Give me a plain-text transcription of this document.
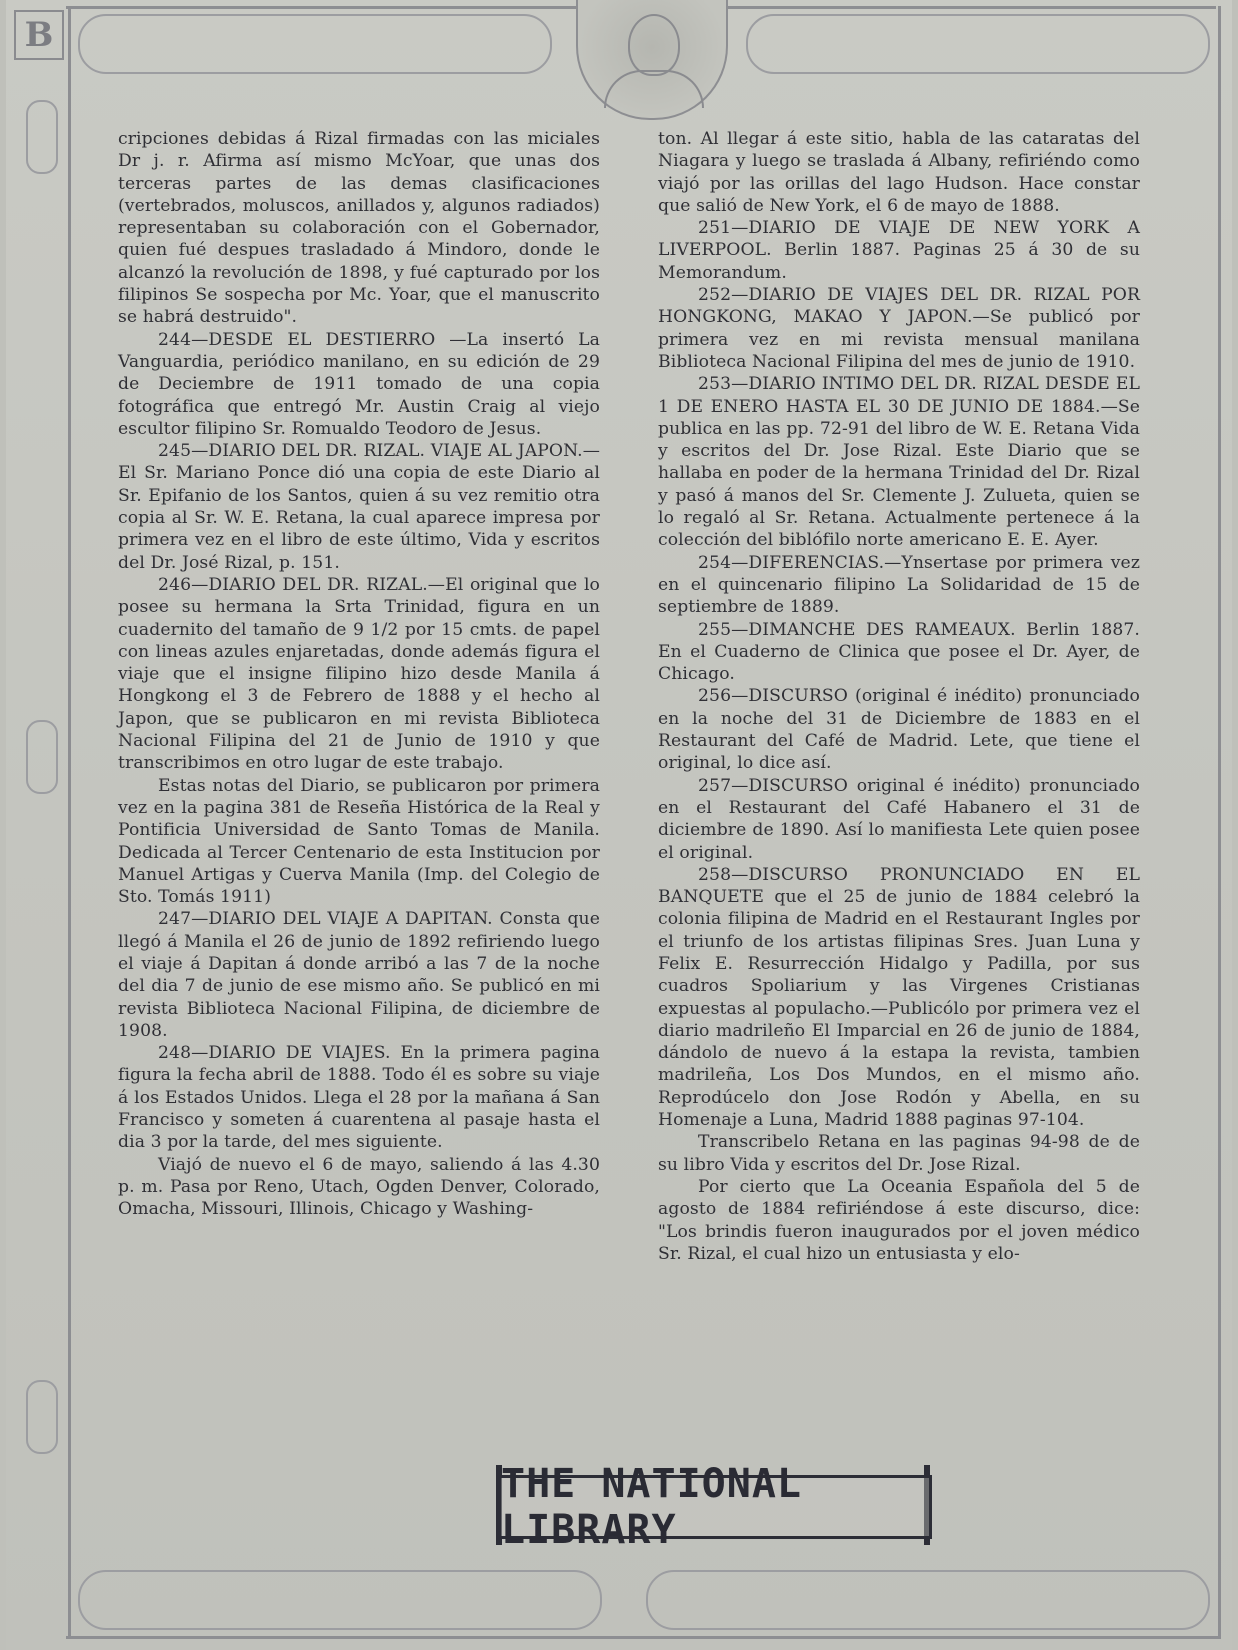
B

cripciones debidas á Rizal firmadas con las miciales Dr j. r. Afirma así mismo McYoar, que unas dos terceras partes de las demas clasificaciones (vertebrados, moluscos, anillados y, algunos radiados) representaban su colaboración con el Gobernador, quien fué despues trasladado á Mindoro, donde le alcanzó la revolución de 1898, y fué capturado por los filipinos Se sospecha por Mc. Yoar, que el manuscrito se habrá destruido".

244—DESDE EL DESTIERRO —La insertó La Vanguardia, periódico manilano, en su edición de 29 de Deciembre de 1911 tomado de una copia fotográfica que entregó Mr. Austin Craig al viejo escultor filipino Sr. Romualdo Teodoro de Jesus.

245—DIARIO DEL DR. RIZAL. VIAJE AL JAPON.—El Sr. Mariano Ponce dió una copia de este Diario al Sr. Epifanio de los Santos, quien á su vez remitio otra copia al Sr. W. E. Retana, la cual aparece impresa por primera vez en el libro de este último, Vida y escritos del Dr. José Rizal, p. 151.

246—DIARIO DEL DR. RIZAL.—El original que lo posee su hermana la Srta Trinidad, figura en un cuadernito del tamaño de 9 1/2 por 15 cmts. de papel con lineas azules enjaretadas, donde además figura el viaje que el insigne filipino hizo desde Manila á Hongkong el 3 de Febrero de 1888 y el hecho al Japon, que se publicaron en mi revista Biblioteca Nacional Filipina del 21 de Junio de 1910 y que transcribimos en otro lugar de este trabajo.

Estas notas del Diario, se publicaron por primera vez en la pagina 381 de Reseña Histórica de la Real y Pontificia Universidad de Santo Tomas de Manila. Dedicada al Tercer Centenario de esta Institucion por Manuel Artigas y Cuerva Manila (Imp. del Colegio de Sto. Tomás 1911)

247—DIARIO DEL VIAJE A DAPITAN. Consta que llegó á Manila el 26 de junio de 1892 refiriendo luego el viaje á Dapitan á donde arribó a las 7 de la noche del dia 7 de junio de ese mismo año. Se publicó en mi revista Biblioteca Nacional Filipina, de diciembre de 1908.

248—DIARIO DE VIAJES. En la primera pagina figura la fecha abril de 1888. Todo él es sobre su viaje á los Estados Unidos. Llega el 28 por la mañana á San Francisco y someten á cuarentena al pasaje hasta el dia 3 por la tarde, del mes siguiente.

Viajó de nuevo el 6 de mayo, saliendo á las 4.30 p. m. Pasa por Reno, Utach, Ogden Denver, Colorado, Omacha, Missouri, Illinois, Chicago y Washing-

ton. Al llegar á este sitio, habla de las cataratas del Niagara y luego se traslada á Albany, refiriéndo como viajó por las orillas del lago Hudson. Hace constar que salió de New York, el 6 de mayo de 1888.

251—DIARIO DE VIAJE DE NEW YORK A LIVERPOOL. Berlin 1887. Paginas 25 á 30 de su Memorandum.

252—DIARIO DE VIAJES DEL DR. RIZAL POR HONGKONG, MAKAO Y JAPON.—Se publicó por primera vez en mi revista mensual manilana Biblioteca Nacional Filipina del mes de junio de 1910.

253—DIARIO INTIMO DEL DR. RIZAL DESDE EL 1 DE ENERO HASTA EL 30 DE JUNIO DE 1884.—Se publica en las pp. 72-91 del libro de W. E. Retana Vida y escritos del Dr. Jose Rizal. Este Diario que se hallaba en poder de la hermana Trinidad del Dr. Rizal y pasó á manos del Sr. Clemente J. Zulueta, quien se lo regaló al Sr. Retana. Actualmente pertenece á la colección del biblófilo norte americano E. E. Ayer.

254—DIFERENCIAS.—Ynsertase por primera vez en el quincenario filipino La Solidaridad de 15 de septiembre de 1889.

255—DIMANCHE DES RAMEAUX. Berlin 1887. En el Cuaderno de Clinica que posee el Dr. Ayer, de Chicago.

256—DISCURSO (original é inédito) pronunciado en la noche del 31 de Diciembre de 1883 en el Restaurant del Café de Madrid. Lete, que tiene el original, lo dice así.

257—DISCURSO original é inédito) pronunciado en el Restaurant del Café Habanero el 31 de diciembre de 1890. Así lo manifiesta Lete quien posee el original.

258—DISCURSO PRONUNCIADO EN EL BANQUETE que el 25 de junio de 1884 celebró la colonia filipina de Madrid en el Restaurant Ingles por el triunfo de los artistas filipinas Sres. Juan Luna y Felix E. Resurrección Hidalgo y Padilla, por sus cuadros Spoliarium y las Virgenes Cristianas expuestas al populacho.—Publicólo por primera vez el diario madrileño El Imparcial en 26 de junio de 1884, dándolo de nuevo á la estapa la revista, tambien madrileña, Los Dos Mundos, en el mismo año. Reprodúcelo don Jose Rodón y Abella, en su Homenaje a Luna, Madrid 1888 paginas 97-104.

Transcribelo Retana en las paginas 94-98 de de su libro Vida y escritos del Dr. Jose Rizal.

Por cierto que La Oceania Española del 5 de agosto de 1884 refiriéndose á este discurso, dice: "Los brindis fueron inaugurados por el joven médico Sr. Rizal, el cual hizo un entusiasta y elo-

THE NATIONAL LIBRARY
